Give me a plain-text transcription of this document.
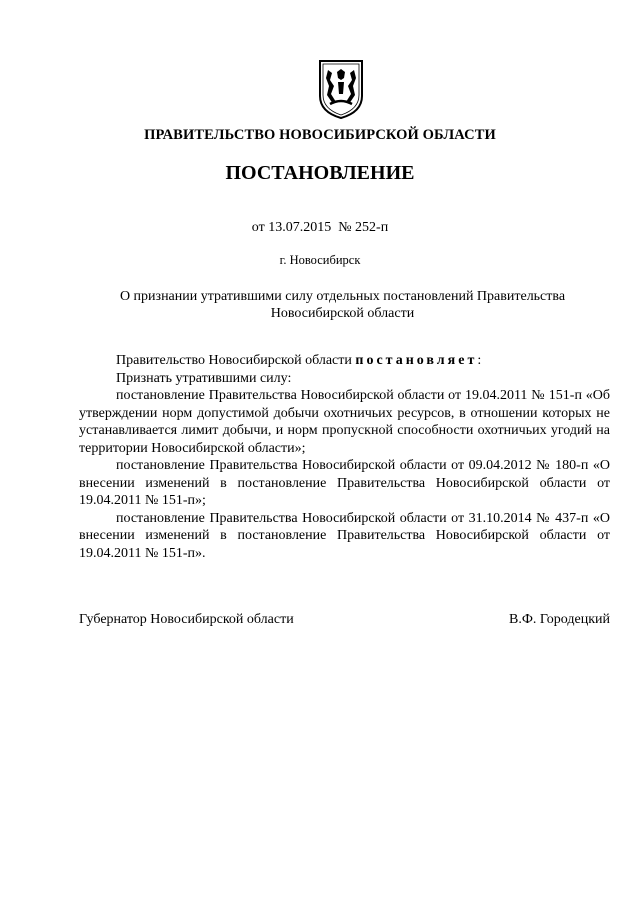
ПРАВИТЕЛЬСТВО НОВОСИБИРСКОЙ ОБЛАСТИ
ПОСТАНОВЛЕНИЕ
от 13.07.2015 № 252-п
г. Новосибирск
О признании утратившими силу отдельных постановлений Правительства Новосибирской области

Правительство Новосибирской области постановляет:

Признать утратившими силу:

постановление Правительства Новосибирской области от 19.04.2011 № 151-п «Об утверждении норм допустимой добычи охотничьих ресурсов, в отношении которых не устанавливается лимит добычи, и норм пропускной способности охотничьих угодий на территории Новосибирской области»;

постановление Правительства Новосибирской области от 09.04.2012 № 180-п «О внесении изменений в постановление Правительства Новосибирской области от 19.04.2011 № 151-п»;

постановление Правительства Новосибирской области от 31.10.2014 № 437-п «О внесении изменений в постановление Правительства Новосибирской области от 19.04.2011 № 151-п».

Губернатор Новосибирской области	В.Ф. Городецкий
